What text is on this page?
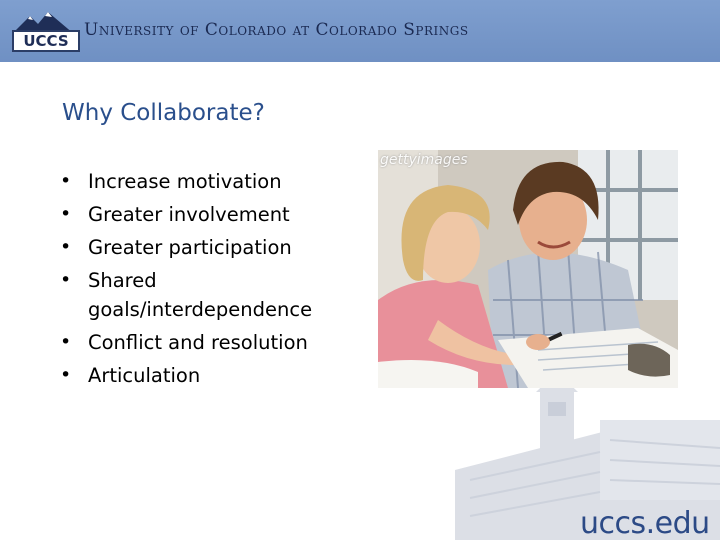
UCCS
University of Colorado at Colorado Springs
Why Collaborate?
• Increase motivation
• Greater involvement
• Greater participation
• Shared
goals/interdependence
• Conflict and resolution
• Articulation
gettyimages
uccs.edu
